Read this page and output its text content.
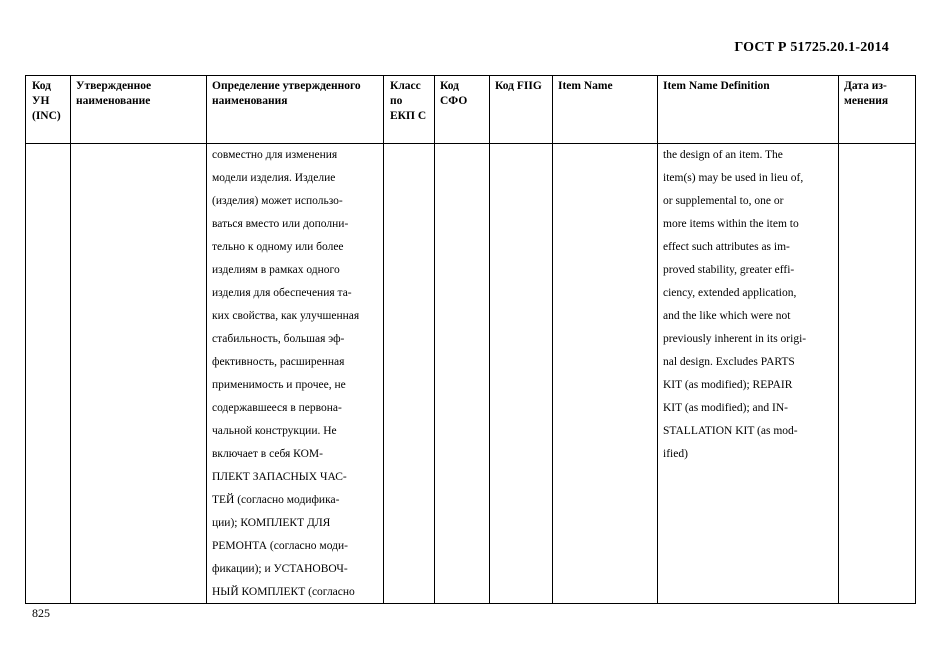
ГОСТ Р 51725.20.1-2014
Код УН (INC)
Утвержденное наименование
Определение утвержденного наименования
Класс по ЕКП С
Код СФО
Код FIIG Item Name	Item Name Definition	Дата из-менения
совместно для изменения
модели изделия. Изделие
(изделия) может использо-
ваться вместо или дополни-
тельно к одному или более
изделиям в рамках одного
изделия для обеспечения та-
ких свойства, как улучшенная
стабильность, большая эф-
фективность, расширенная
применимость и прочее, не
содержавшееся в первона-
чальной конструкции. Не
включает в себя КОМ-
ПЛЕКТ ЗАПАСНЫХ ЧАС-
ТЕЙ (согласно модифика-
ции); КОМПЛЕКТ ДЛЯ
РЕМОНТА (согласно моди-
фикации); и УСТАНОВОЧ-
НЫЙ КОМПЛЕКТ (согласно
the design of an item. The
item(s) may be used in lieu of,
or supplemental to, one or
more items within the item to
effect such attributes as im-
proved stability, greater effi-
ciency, extended application,
and the like which were not
previously inherent in its origi-
nal design. Excludes PARTS
KIT (as modified); REPAIR
KIT (as modified); and IN-
STALLATION KIT (as mod-
ified)
825
